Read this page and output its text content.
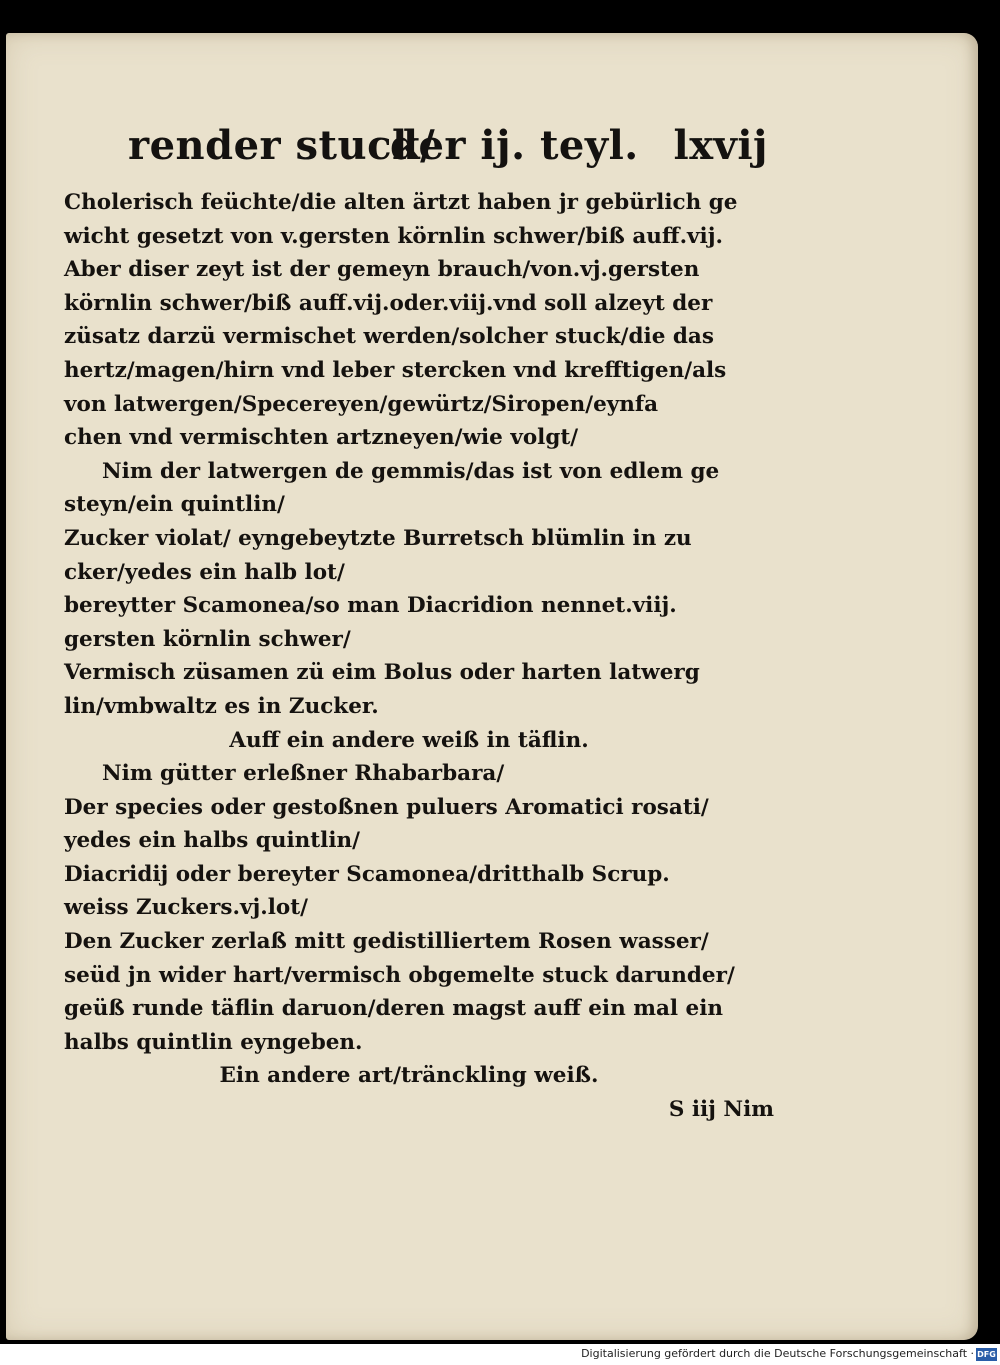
render stuck/
der ij. teyl. lxvij
Cholerisch feüchte/die alten ärtzt haben jr gebürlich ge
wicht gesetzt von v.gersten körnlin schwer/biß auff.vij.
Aber diser zeyt ist der gemeyn brauch/von.vj.gersten
körnlin schwer/biß auff.vij.oder.viij.vnd soll alzeyt der
züsatz darzü vermischet werden/solcher stuck/die das
hertz/magen/hirn vnd leber stercken vnd krefftigen/als
von latwergen/Specereyen/gewürtz/Siropen/eynfa
chen vnd vermischten artzneyen/wie volgt/
Nim der latwergen de gemmis/das ist von edlem ge
steyn/ein quintlin/
Zucker violat/ eyngebeytzte Burretsch blümlin in zu
cker/yedes ein halb lot/
bereytter Scamonea/so man Diacridion nennet.viij.
gersten körnlin schwer/
Vermisch züsamen zü eim Bolus oder harten latwerg
lin/vmbwaltz es in Zucker.
Auff ein andere weiß in täflin.
Nim gütter erleßner Rhabarbara/
Der species oder gestoßnen puluers Aromatici rosati/
yedes ein halbs quintlin/
Diacridij oder bereyter Scamonea/dritthalb Scrup.
weiss Zuckers.vj.lot/
Den Zucker zerlaß mitt gedistilliertem Rosen wasser/
seüd jn wider hart/vermisch obgemelte stuck darunder/
geüß runde täflin daruon/deren magst auff ein mal ein
halbs quintlin eyngeben.
Ein andere art/tränckling weiß.
S iij Nim
Digitalisierung gefördert durch die Deutsche Forschungsgemeinschaft · DFG
